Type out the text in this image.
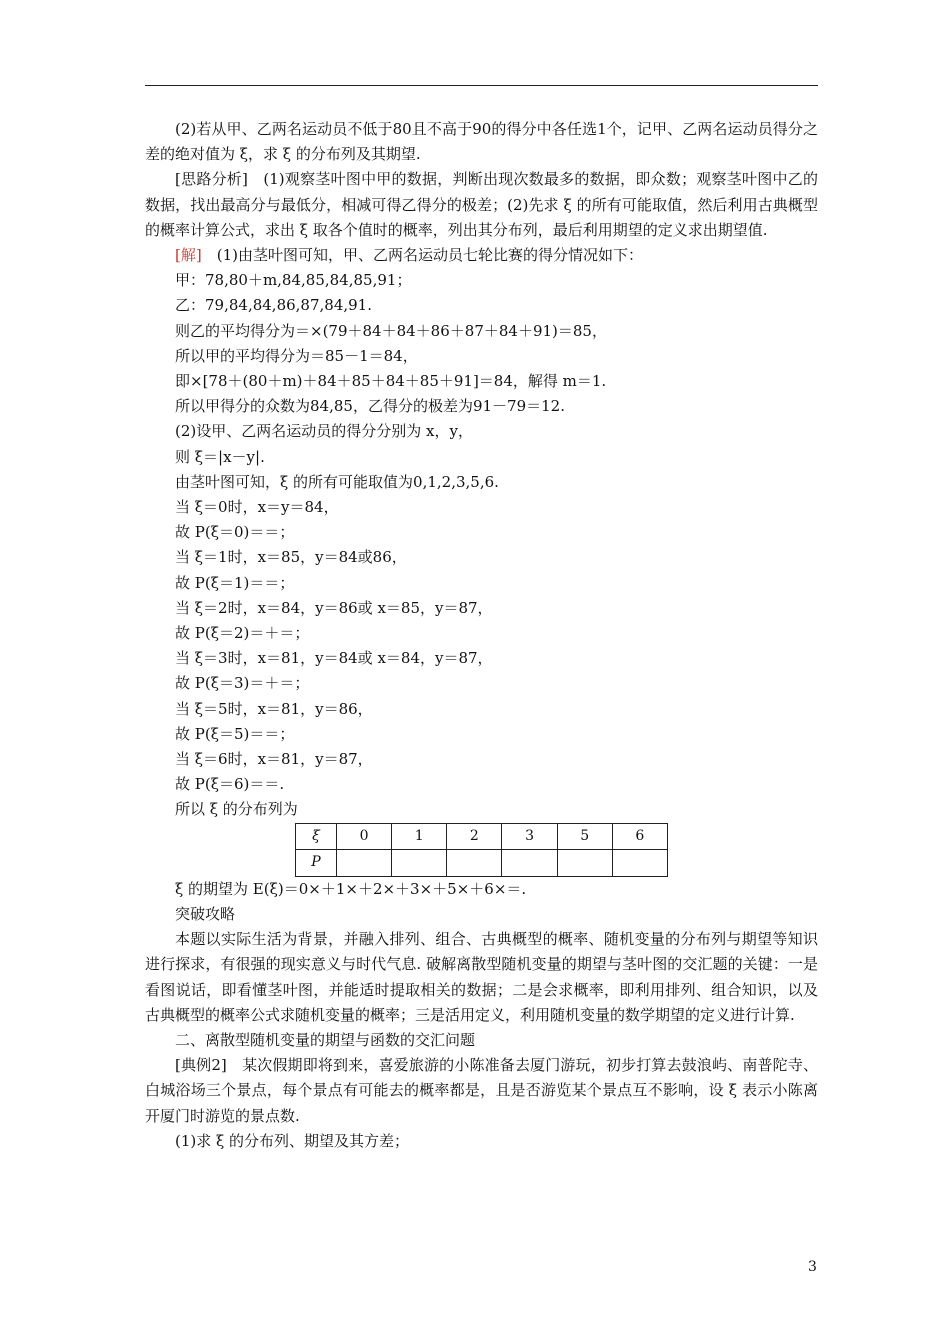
(2)若从甲、乙两名运动员不低于80且不高于90的得分中各任选1个，记甲、乙两名运动员得分之差的绝对值为 ξ，求 ξ 的分布列及其期望.

[思路分析]　 (1)观察茎叶图中甲的数据，判断出现次数最多的数据，即众数；观察茎叶图中乙的数据，找出最高分与最低分，相减可得乙得分的极差；(2)先求 ξ 的所有可能取值，然后利用古典概型的概率计算公式，求出 ξ 取各个值时的概率，列出其分布列，最后利用期望的定义求出期望值.

[解]　 (1)由茎叶图可知，甲、乙两名运动员七轮比赛的得分情况如下：

甲：78,80＋m,84,85,84,85,91；

乙：79,84,84,86,87,84,91.

则乙的平均得分为＝×(79＋84＋84＋86＋87＋84＋91)＝85，

所以甲的平均得分为＝85－1＝84，

即×[78＋(80＋m)＋84＋85＋84＋85＋91]＝84，解得 m＝1.

所以甲得分的众数为84,85，乙得分的极差为91－79＝12.

(2)设甲、乙两名运动员的得分分别为 x，y，

则 ξ＝|x－y|.

由茎叶图可知，ξ 的所有可能取值为0,1,2,3,5,6.

当 ξ＝0时，x＝y＝84，

故 P(ξ＝0)＝＝；

当 ξ＝1时，x＝85，y＝84或86，

故 P(ξ＝1)＝＝；

当 ξ＝2时，x＝84，y＝86或 x＝85，y＝87，

故 P(ξ＝2)＝＋＝；

当 ξ＝3时，x＝81，y＝84或 x＝84，y＝87，

故 P(ξ＝3)＝＋＝；

当 ξ＝5时，x＝81，y＝86，

故 P(ξ＝5)＝＝；

当 ξ＝6时，x＝81，y＝87，

故 P(ξ＝6)＝＝.

所以 ξ 的分布列为

ξ	0	1	2	3	5	6
P						

ξ 的期望为 E(ξ)＝0×＋1×＋2×＋3×＋5×＋6×＝.

突破攻略

本题以实际生活为背景，并融入排列、组合、古典概型的概率、随机变量的分布列与期望等知识进行探求，有很强的现实意义与时代气息. 破解离散型随机变量的期望与茎叶图的交汇题的关键：一是看图说话，即看懂茎叶图，并能适时提取相关的数据；二是会求概率，即利用排列、组合知识，以及古典概型的概率公式求随机变量的概率；三是活用定义，利用随机变量的数学期望的定义进行计算.

二、离散型随机变量的期望与函数的交汇问题

[典例2]　 某次假期即将到来，喜爱旅游的小陈准备去厦门游玩，初步打算去鼓浪屿、南普陀寺、白城浴场三个景点，每个景点有可能去的概率都是，且是否游览某个景点互不影响，设 ξ 表示小陈离开厦门时游览的景点数.

(1)求 ξ 的分布列、期望及其方差；

3
